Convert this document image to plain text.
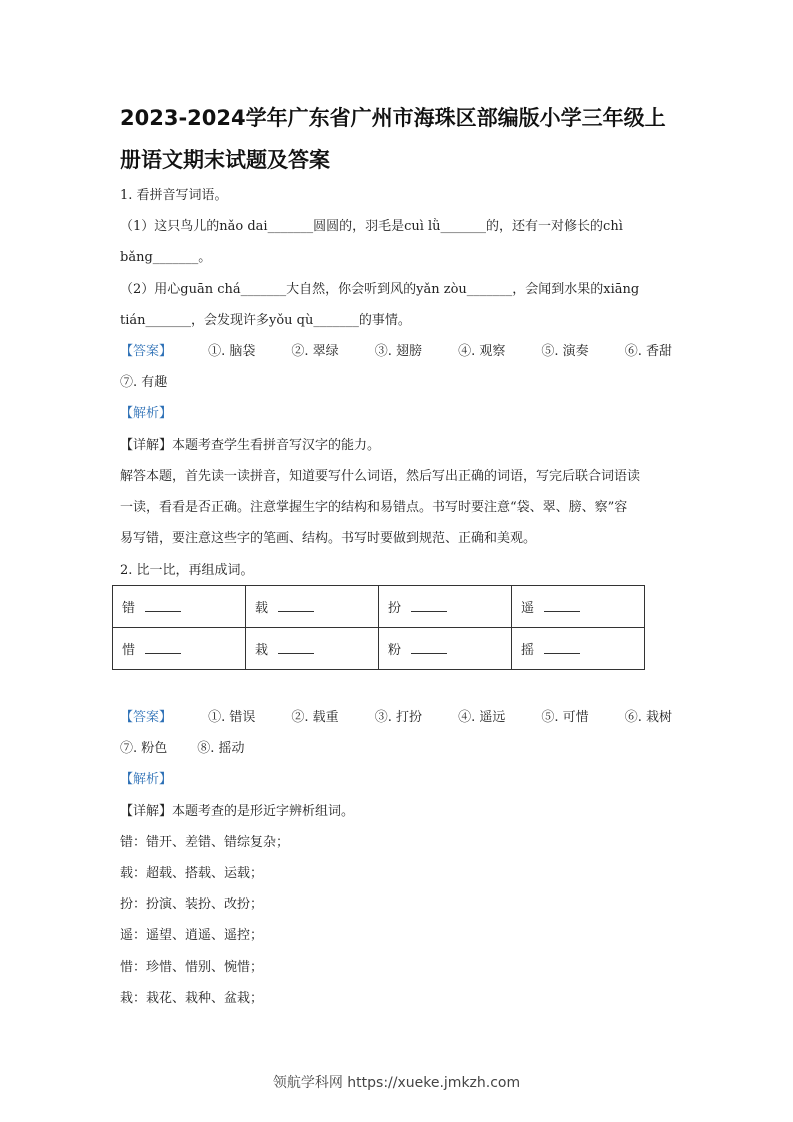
2023-2024学年广东省广州市海珠区部编版小学三年级上
册语文期末试题及答案
1. 看拼音写词语。
（1）这只鸟儿的nǎo dai_______圆圆的，羽毛是cuì lǜ_______的，还有一对修长的chì
bǎng_______。
（2）用心guān chá_______大自然，你会听到风的yǎn zòu_______，会闻到水果的xiāng
tián_______，会发现许多yǒu qù_______的事情。
【答案】	①. 脑袋	②. 翠绿	③. 翅膀	④. 观察	⑤. 演奏	⑥. 香甜
⑦. 有趣
【解析】
【详解】本题考查学生看拼音写汉字的能力。
解答本题，首先读一读拼音，知道要写什么词语，然后写出正确的词语，写完后联合词语读
一读，看看是否正确。注意掌握生字的结构和易错点。书写时要注意“袋、翠、膀、察”容
易写错，要注意这些字的笔画、结构。书写时要做到规范、正确和美观。
2. 比一比，再组成词。
错	载	扮	遥
惜	栽	粉	摇
【答案】	①. 错误	②. 载重	③. 打扮	④. 遥远	⑤. 可惜	⑥. 栽树
⑦. 粉色 ⑧. 摇动
【解析】
【详解】本题考查的是形近字辨析组词。
错：错开、差错、错综复杂；
载：超载、搭载、运载；
扮：扮演、装扮、改扮；
遥：遥望、逍遥、遥控；
惜：珍惜、惜别、惋惜；
栽：栽花、栽种、盆栽；
领航学科网 https://xueke.jmkzh.com
